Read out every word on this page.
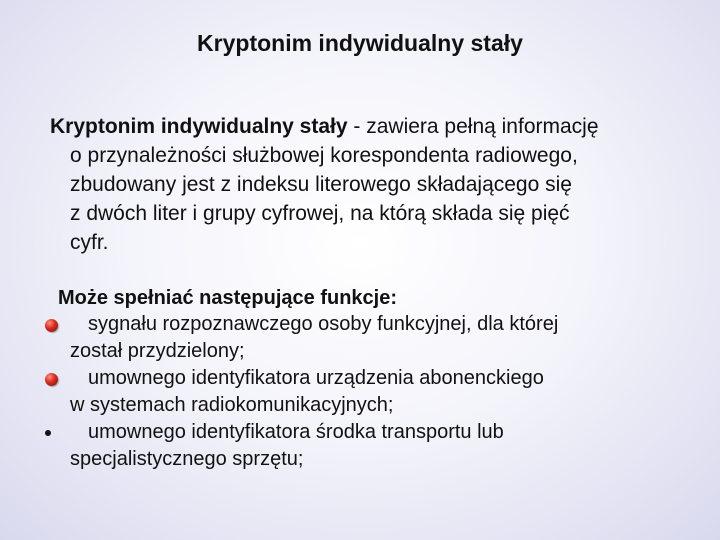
Kryptonim indywidualny stały
Kryptonim indywidualny stały - zawiera pełną informację
o przynależności służbowej korespondenta radiowego,
zbudowany jest z indeksu literowego składającego się
z dwóch liter i grupy cyfrowej, na którą składa się pięć
cyfr.
Może spełniać następujące funkcje:
sygnału rozpoznawczego osoby funkcyjnej, dla której
został przydzielony;
umownego identyfikatora urządzenia abonenckiego
w systemach radiokomunikacyjnych;
umownego identyfikatora środka transportu lub
specjalistycznego sprzętu;
